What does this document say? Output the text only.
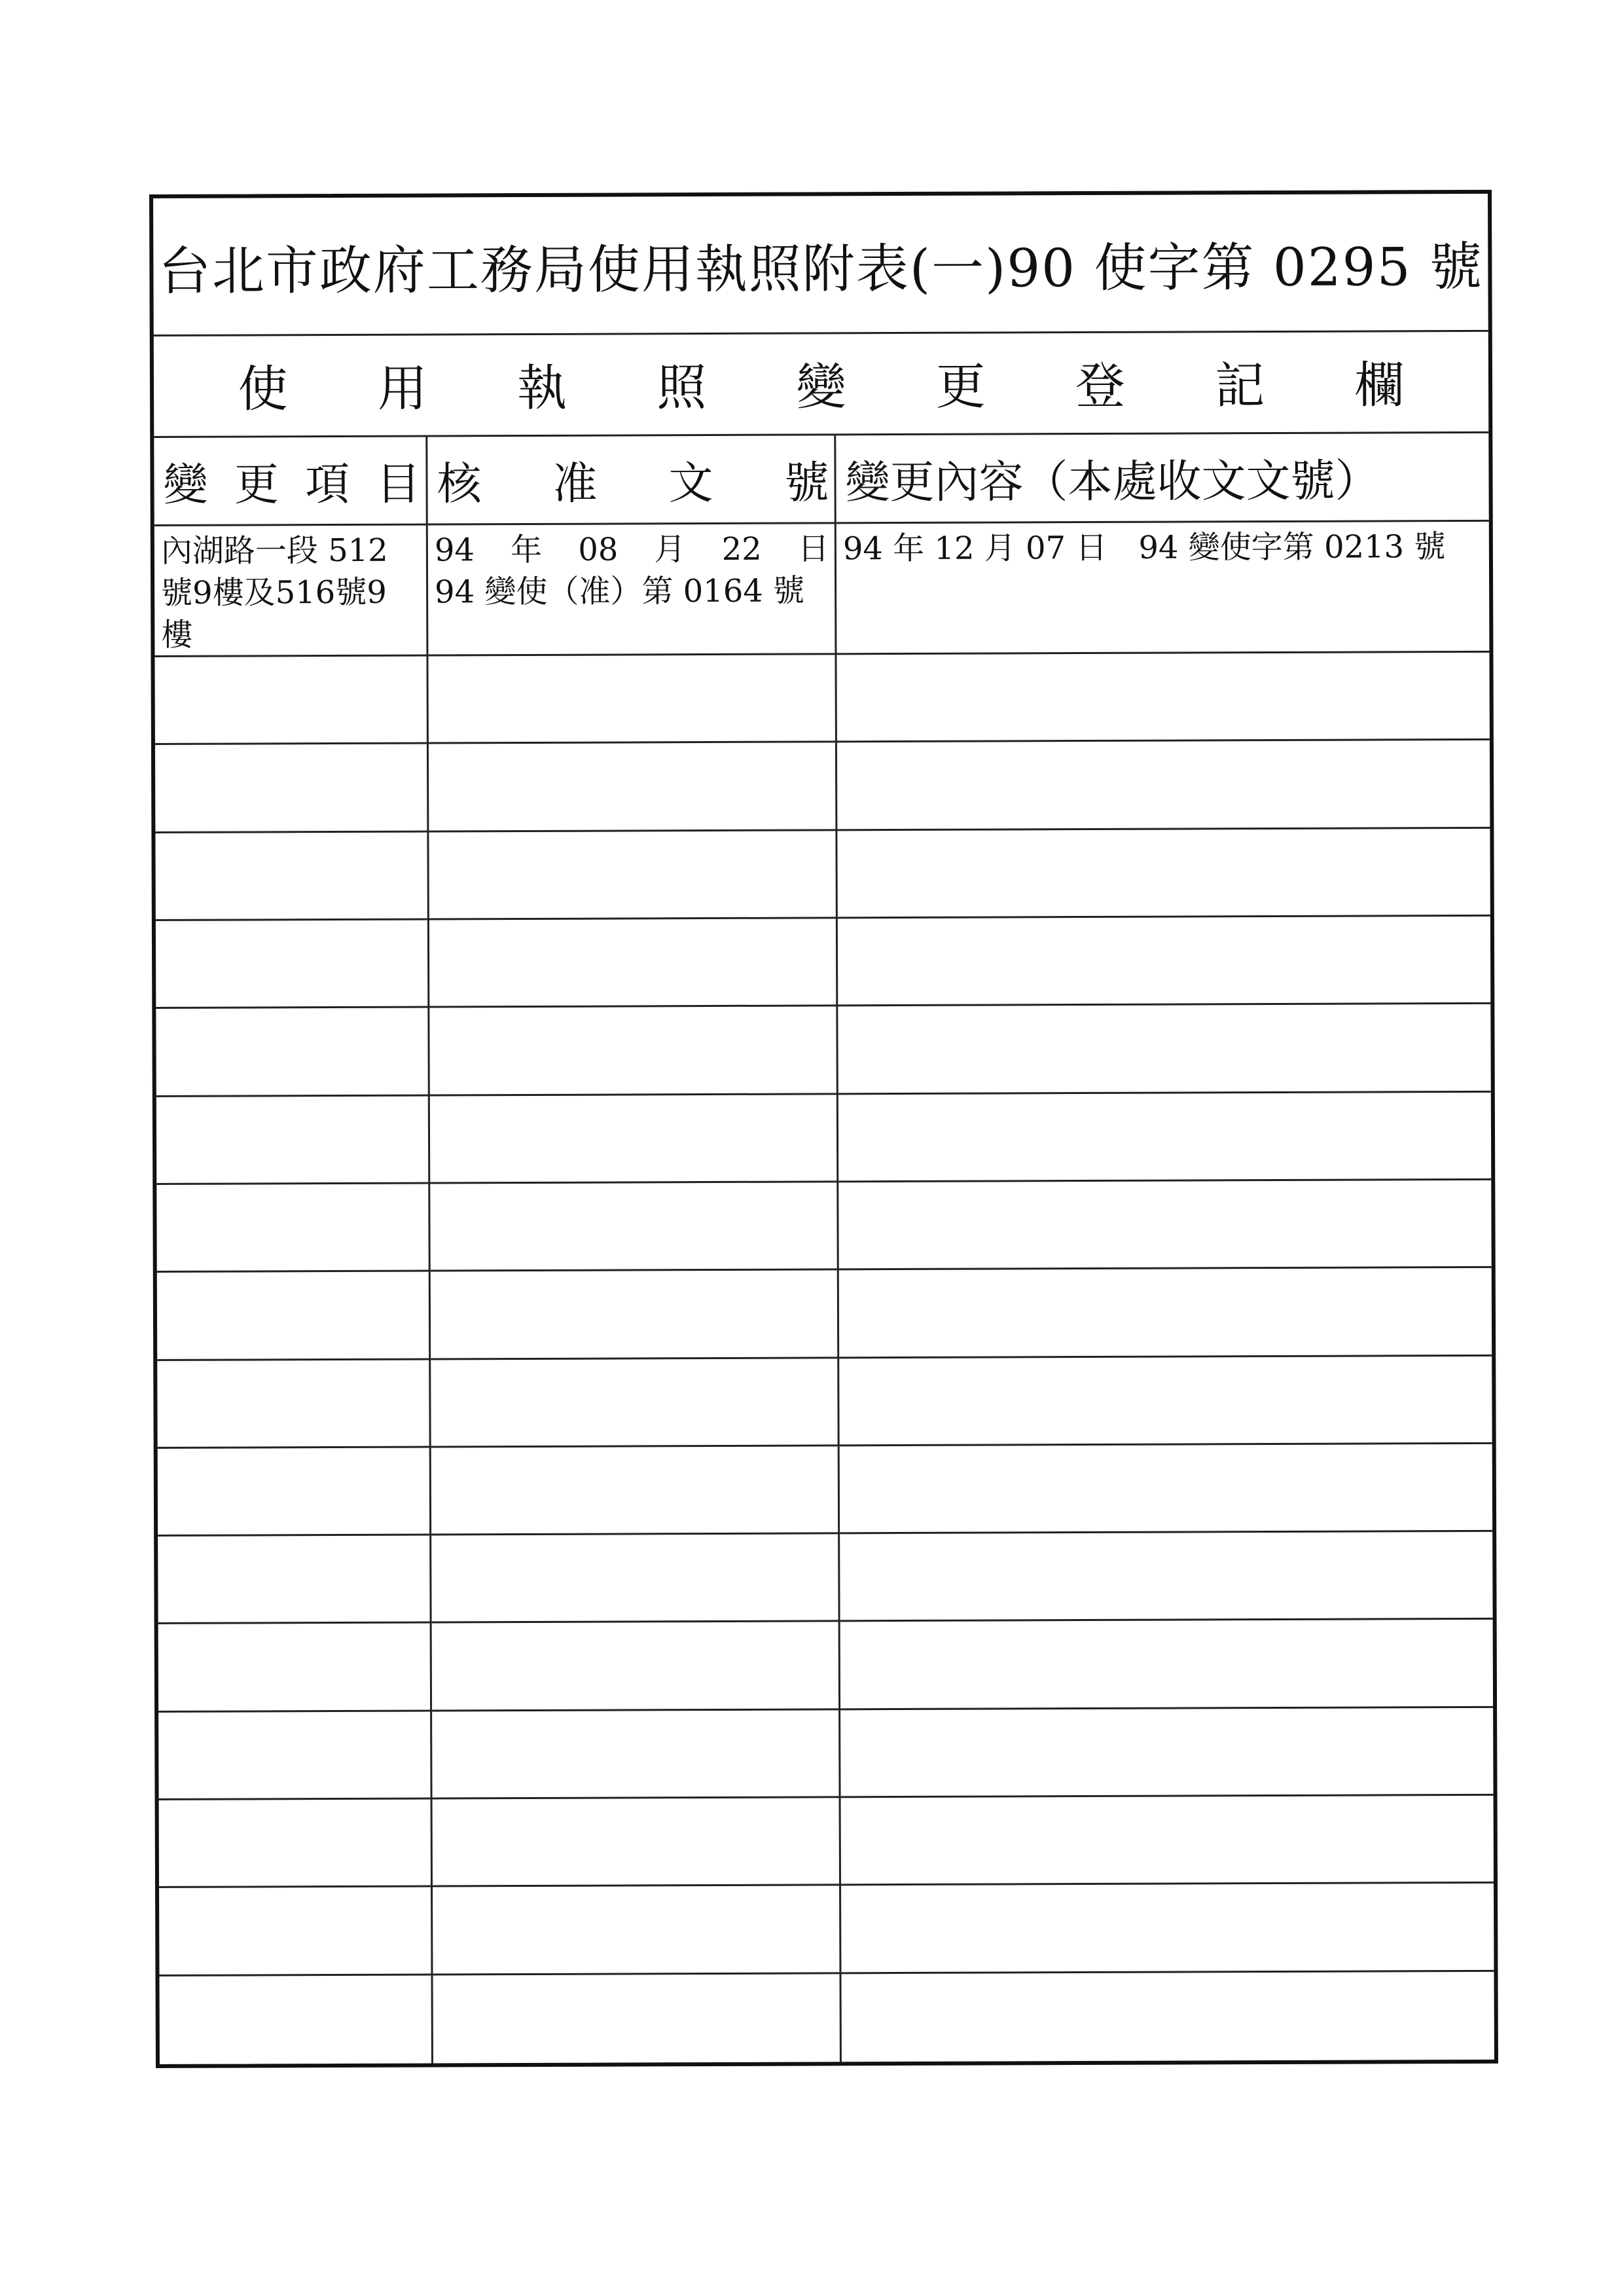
台北市政府工務局使用執照附表(一)90 使字第 0295 號
使 用 執 照 變 更 登 記 欄
變 更 項 目 核 准 文 號 變更內容（本處收文文號）
內湖路一段 512
號9樓及516號9
樓
94 年 08 月 22 日
94 變使（准）第 0164 號
94 年 12 月 07 日　94 變使字第 0213 號
